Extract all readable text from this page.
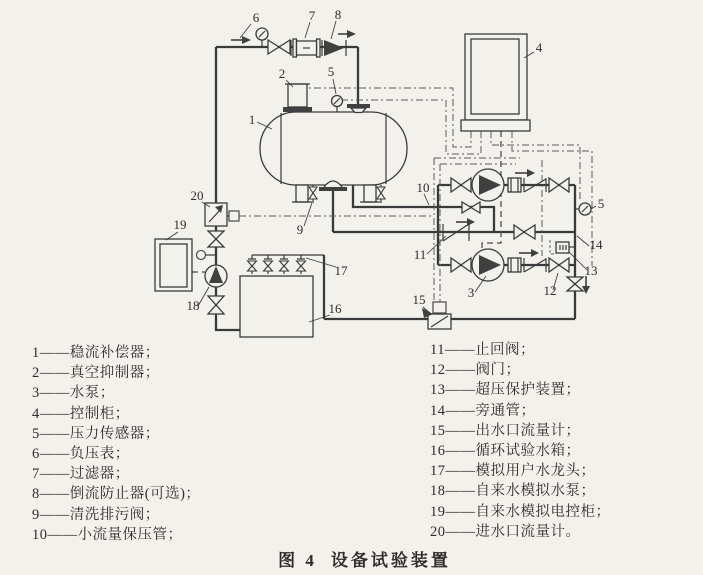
1
2
3
4
5
5
6	7 8
9
10
11
12
13
14
15
16
17
18
19
20
1——稳流补偿器；
2——真空抑制器；
3——水泵；
4——控制柜；
5——压力传感器；
6——负压表；
7——过滤器；
8——倒流防止器(可选)；
9——清洗排污阀；
10——小流量保压管；
11——止回阀；
12——阀门；
13——超压保护装置；
14——旁通管；
15——出水口流量计；
16——循环试验水箱；
17——模拟用户水龙头；
18——自来水模拟水泵；
19——自来水模拟电控柜；
20——进水口流量计。
图 4 设备试验装置
